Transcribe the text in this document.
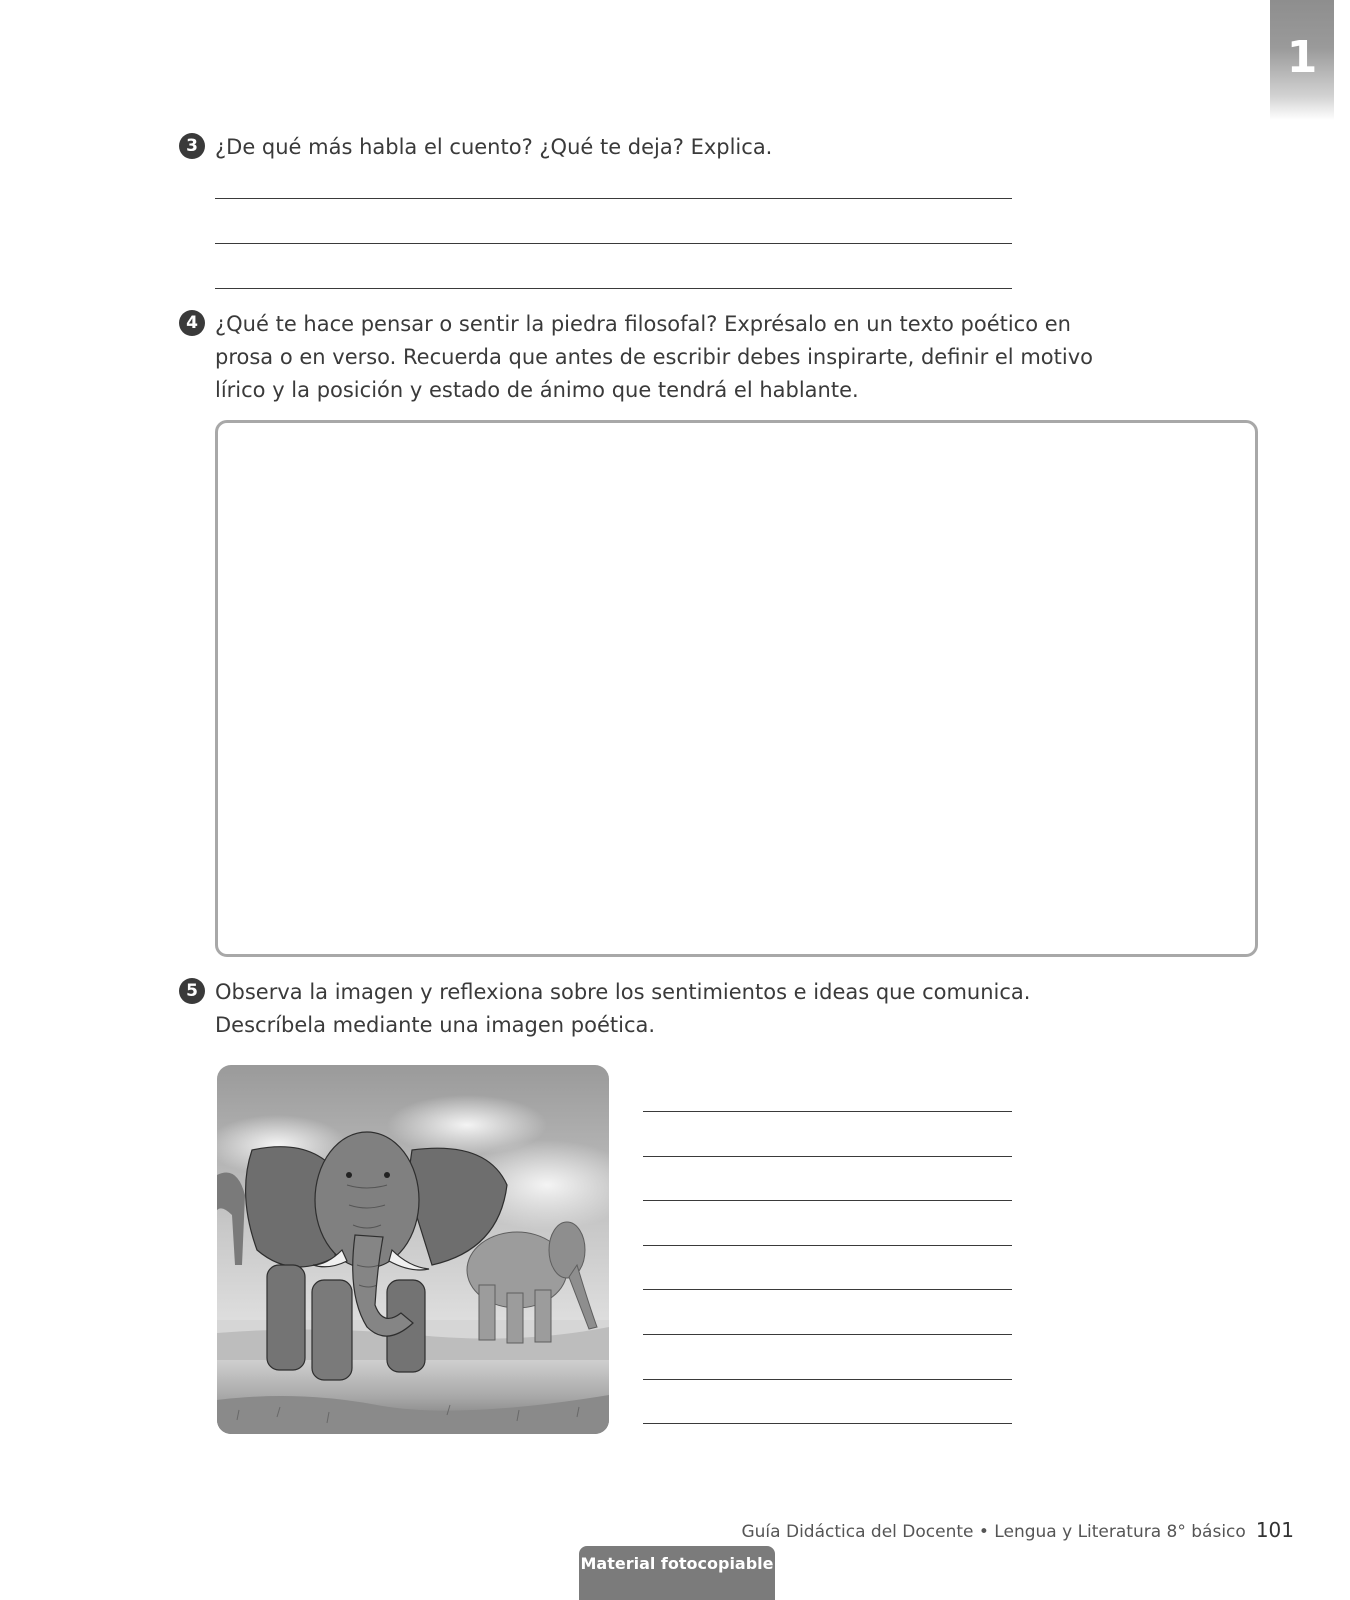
1
3 ¿De qué más habla el cuento? ¿Qué te deja? Explica.
4 ¿Qué te hace pensar o sentir la piedra filosofal? Exprésalo en un texto poético en
prosa o en verso. Recuerda que antes de escribir debes inspirarte, definir el motivo
lírico y la posición y estado de ánimo que tendrá el hablante.
5 Observa la imagen y reflexiona sobre los sentimientos e ideas que comunica.
Descríbela mediante una imagen poética.
Guía Didáctica del Docente • Lengua y Literatura 8° básico 101
Material fotocopiable
